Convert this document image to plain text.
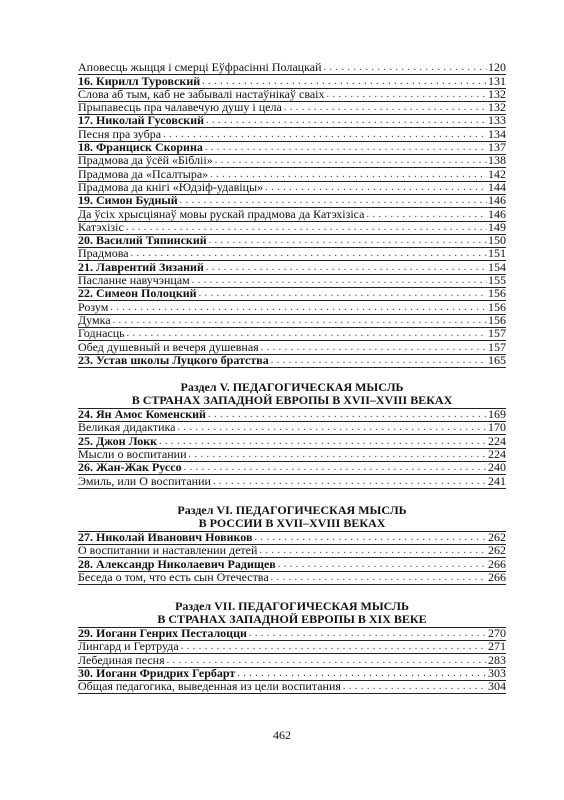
Аповесць жыцця і смерці Еўфрасінні Полацкай . . .	120
16. Кирилл Туровский . . .	131
Слова аб тым, каб не забывалі настаўнікаў сваіх . . .	132
Прыпавесць пра чалавечую душу і цела . . .	132
17. Николай Гусовский . . .	133
Песня пра зубра . . .	134
18. Франциск Скорина . . .	137
Прадмова да ўсёй «Біблii» . . .	138
Прадмова да «Псалтыра» . . .	142
Прадмова да кнігі «Юдзіф-удавіцы» . . .	144
19. Симон Будный . . .	146
Да ўсіх хрысціянаў мовы рускай прадмова да Катэхізіса . . .	146
Катэхізіс . . .	149
20. Василий Тяпинский . . .	150
Прадмова . . .	151
21. Лаврентий Зизаний . . .	154
Пасланне навучэнцам . . .	155
22. Симеон Полоцкий . . .	156
Розум . . .	156
Думка . . .	156
Годнасць . . .	157
Обед душевный и вечеря душевная . . .	157
23. Устав школы Луцкого братства . . .	165
Раздел V. ПЕДАГОГИЧЕСКАЯ МЫСЛЬ
В СТРАНАХ ЗАПАДНОЙ ЕВРОПЫ В XVII–XVIII ВЕКАХ
24. Ян Амос Коменский . . .	169
Великая дидактика . . .	170
25. Джон Локк . . .	224
Мысли о воспитании . . .	224
26. Жан-Жак Руссо . . .	240
Эмиль, или О воспитании . . .	241
Раздел VI. ПЕДАГОГИЧЕСКАЯ МЫСЛЬ
В РОССИИ В XVII–XVIII ВЕКАХ
27. Николай Иванович Новиков . . .	262
О воспитании и наставлении детей . . .	262
28. Александр Николаевич Радищев . . .	266
Беседа о том, что есть сын Отечества . . .	266
Раздел VII. ПЕДАГОГИЧЕСКАЯ МЫСЛЬ
В СТРАНАХ ЗАПАДНОЙ ЕВРОПЫ В XIX ВЕКЕ
29. Иоганн Генрих Песталоцци . . .	270
Лингард и Гертруда . . .	271
Лебединая песня . . .	283
30. Иоганн Фридрих Гербарт . . .	303
Общая педагогика, выведенная из цели воспитания . . .	304
462
